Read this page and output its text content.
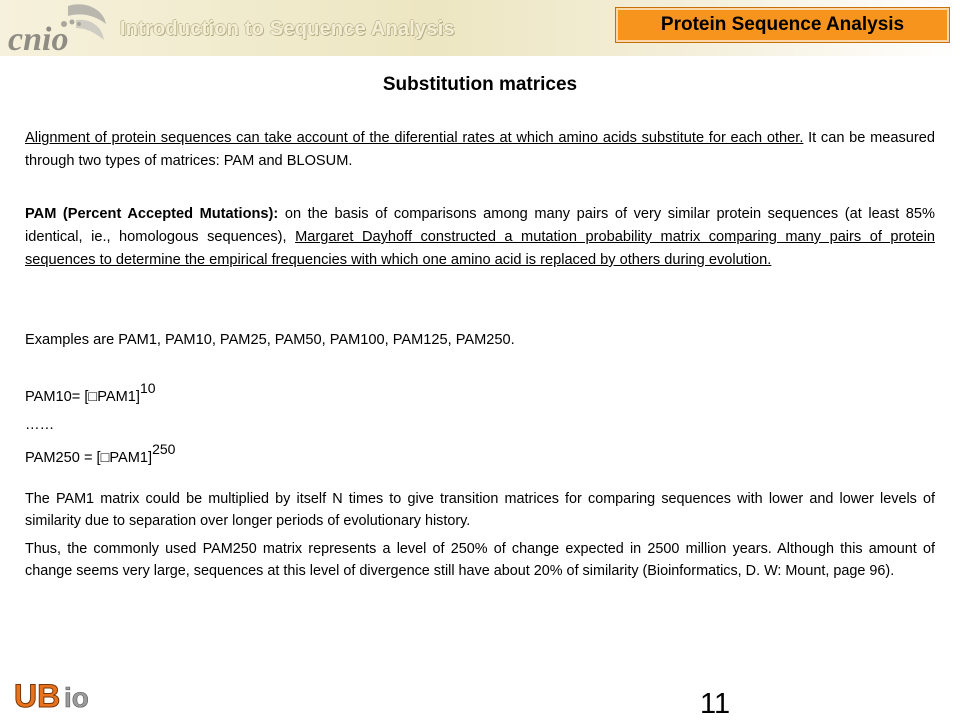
cnio	Introduction to Sequence Analysis	Protein Sequence Analysis
Substitution matrices

Alignment of protein sequences can take account of the diferential rates at which amino acids substitute for each other. It can be measured through two types of matrices: PAM and BLOSUM.

PAM (Percent Accepted Mutations): on the basis of comparisons among many pairs of very similar protein sequences (at least 85% identical, ie., homologous sequences), Margaret Dayhoff constructed a mutation probability matrix comparing many pairs of protein sequences to determine the empirical frequencies with which one amino acid is replaced by others during evolution.

Examples are PAM1, PAM10, PAM25, PAM50, PAM100, PAM125, PAM250.

PAM10= [□PAM1]$^{10}$
……
PAM250 = [□PAM1]$^{250}$

The PAM1 matrix could be multiplied by itself N times to give transition matrices for comparing sequences with lower and lower levels of similarity due to separation over longer periods of evolutionary history.

Thus, the commonly used PAM250 matrix represents a level of 250% of change expected in 2500 million years. Although this amount of change seems very large, sequences at this level of divergence still have about 20% of similarity (Bioinformatics, D. W: Mount, page 96).

UB io	11
